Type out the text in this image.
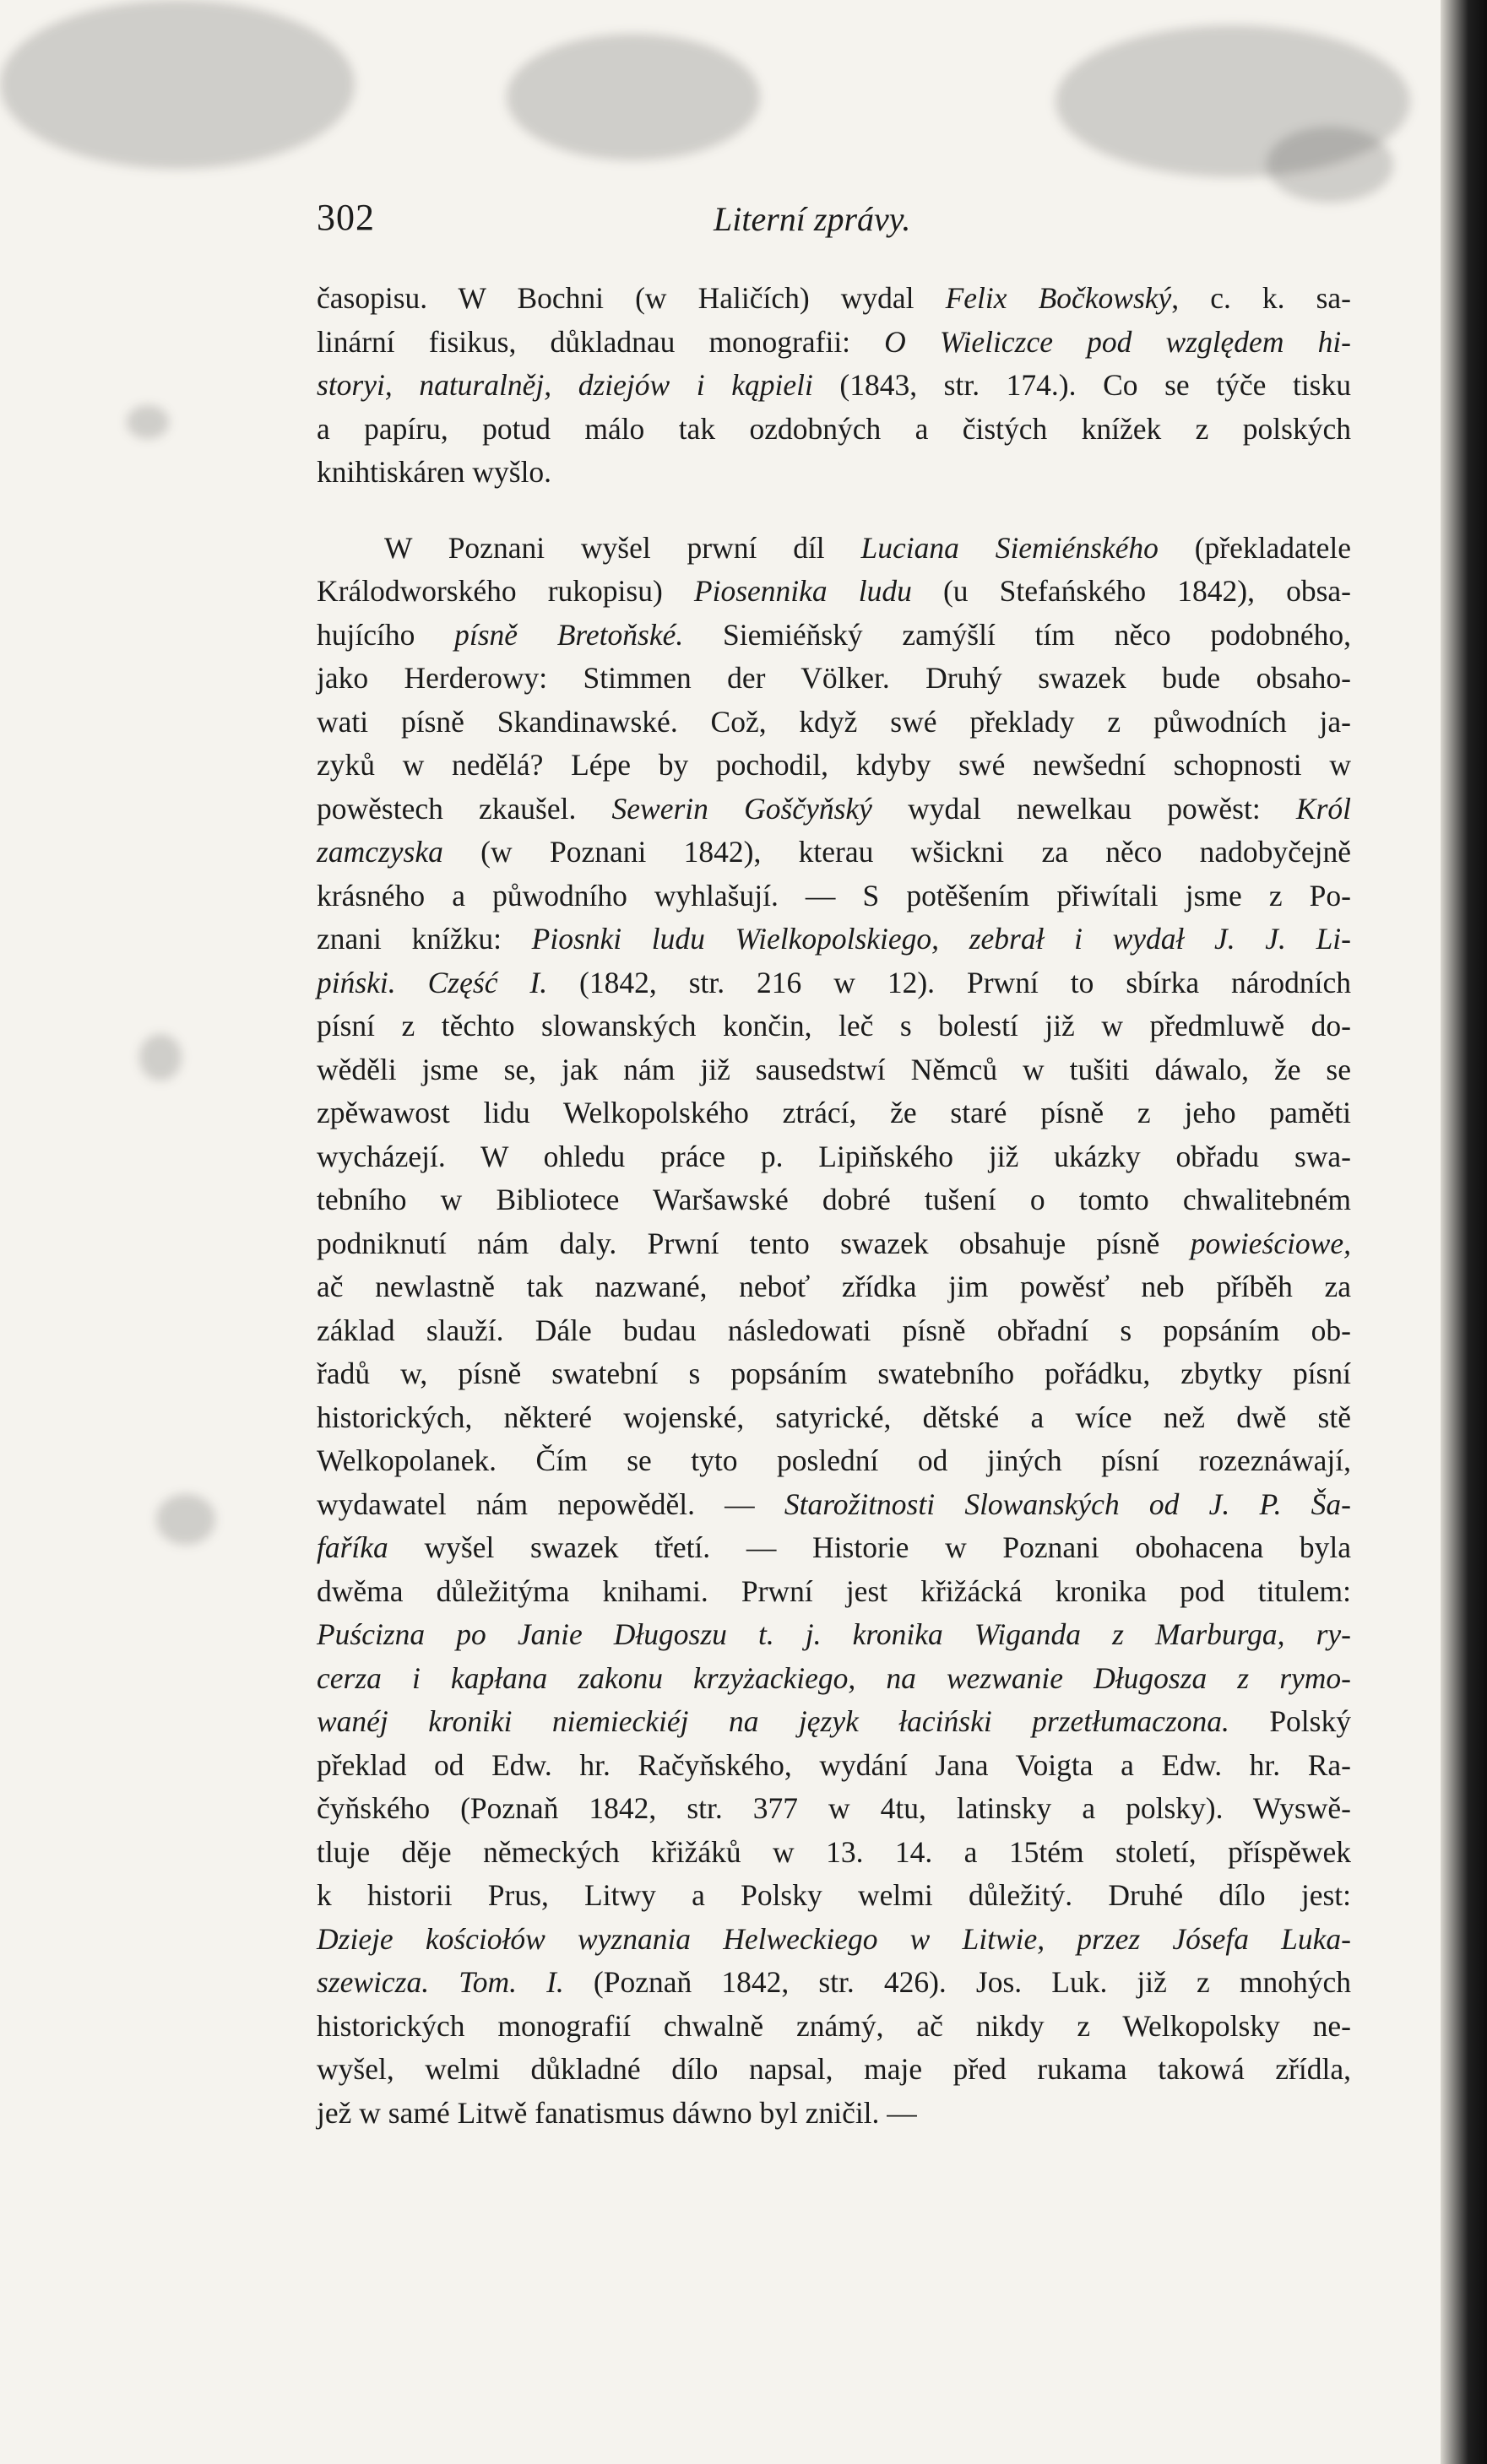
302	Literní zprávy.
časopisu. W Bochni (w Haličích) wydal Felix Bočkowský, c. k. sa-
linární fisikus, důkladnau monografii: O Wieliczce pod względem hi-
storyi, naturalněj, dziejów i kąpieli (1843, str. 174.). Co se týče tisku
a papíru, potud málo tak ozdobných a čistých knížek z polských
knihtiskáren wyšlo.
W Poznani wyšel prwní díl Luciana Siemiénského (překladatele
Králodworského rukopisu) Piosennika ludu (u Stefańského 1842), obsa-
hujícího písně Bretoňské. Siemiéňský zamýšlí tím něco podobného,
jako Herderowy: Stimmen der Völker. Druhý swazek bude obsaho-
wati písně Skandinawské. Což, když swé překlady z půwodních ja-
zyků w nedělá? Lépe by pochodil, kdyby swé newšední schopnosti w
powěstech zkaušel. Sewerin Goščyňský wydal newelkau powěst: Król
zamczyska (w Poznani 1842), kterau wšickni za něco nadobyčejně
krásného a půwodního wyhlašují. — S potěšením přiwítali jsme z Po-
znani knížku: Piosnki ludu Wielkopolskiego, zebrał i wydał J. J. Li-
piński. Część I. (1842, str. 216 w 12). Prwní to sbírka národních
písní z těchto slowanských končin, leč s bolestí již w předmluwě do-
wěděli jsme se, jak nám již sausedstwí Němců w tušiti dáwalo, že se
zpěwawost lidu Welkopolského ztrácí, že staré písně z jeho paměti
wycházejí. W ohledu práce p. Lipiňského již ukázky obřadu swa-
tebního w Bibliotece Waršawské dobré tušení o tomto chwalitebném
podniknutí nám daly. Prwní tento swazek obsahuje písně powieściowe,
ač newlastně tak nazwané, neboť zřídka jim powěsť neb příběh za
základ slauží. Dále budau následowati písně obřadní s popsáním ob-
řadů w, písně swatební s popsáním swatebního pořádku, zbytky písní
historických, některé wojenské, satyrické, dětské a wíce než dwě stě
Welkopolanek. Čím se tyto poslední od jiných písní rozeznáwají,
wydawatel nám nepowěděl. — Starožitnosti Slowanských od J. P. Ša-
faříka wyšel swazek třetí. — Historie w Poznani obohacena byla
dwěma důležitýma knihami. Prwní jest křižácká kronika pod titulem:
Puścizna po Janie Długoszu t. j. kronika Wiganda z Marburga, ry-
cerza i kapłana zakonu krzyżackiego, na wezwanie Długosza z rymo-
wanéj kroniki niemieckiéj na język łaciński przetłumaczona. Polský
překlad od Edw. hr. Račyňského, wydání Jana Voigta a Edw. hr. Ra-
čyňského (Poznaň 1842, str. 377 w 4tu, latinsky a polsky). Wyswě-
tluje děje německých křižáků w 13. 14. a 15tém století, příspěwek
k historii Prus, Litwy a Polsky welmi důležitý. Druhé dílo jest:
Dzieje kościołów wyznania Helweckiego w Litwie, przez Jósefa Luka-
szewicza. Tom. I. (Poznaň 1842, str. 426). Jos. Luk. již z mnohých
historických monografií chwalně známý, ač nikdy z Welkopolsky ne-
wyšel, welmi důkladné dílo napsal, maje před rukama takowá zřídla,
jež w samé Litwě fanatismus dáwno byl zničil. —
